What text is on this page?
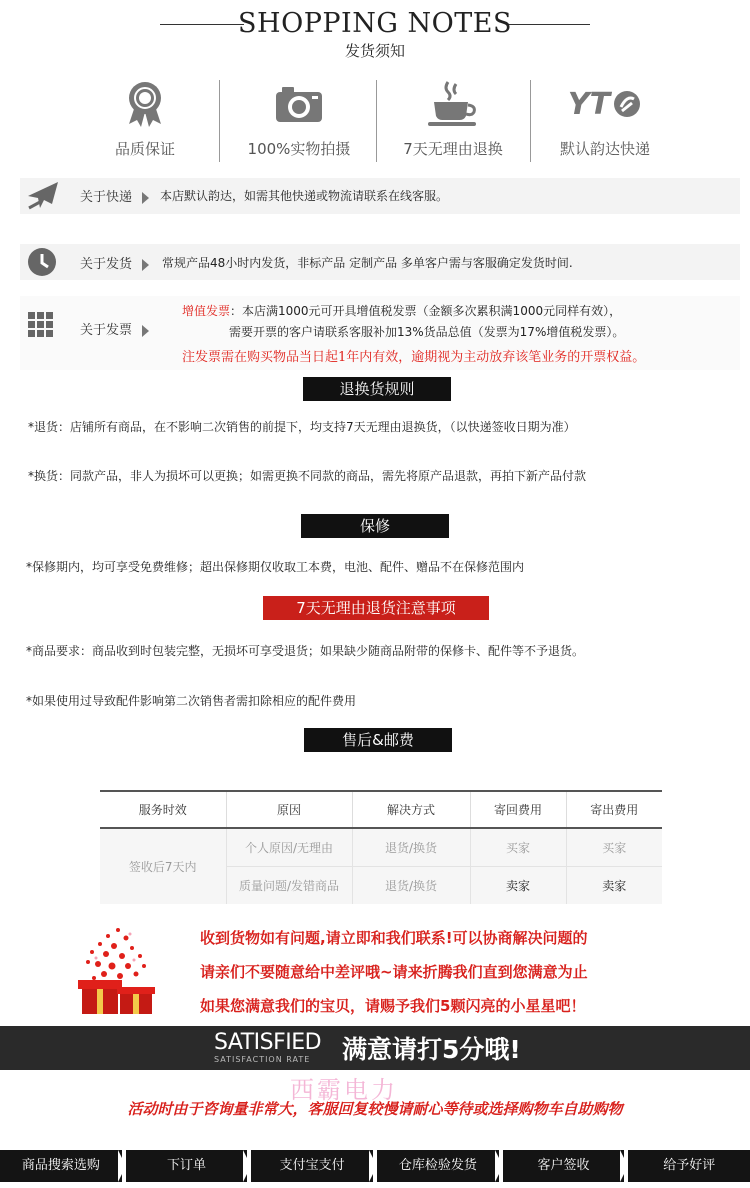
SHOPPING NOTES
发货须知
品质保证	100%实物拍摄	7天无理由退换
YT
默认韵达快递
关于快递	本店默认韵达，如需其他快递或物流请联系在线客服。
关于发货	常规产品48小时内发货，非标产品 定制产品 多单客户需与客服确定发货时间.
关于发票
增值发票：本店满1000元可开具增值税发票（金额多次累积满1000元同样有效），
需要开票的客户请联系客服补加13%货品总值（发票为17%增值税发票）。
注发票需在购买物品当日起1年内有效，逾期视为主动放弃该笔业务的开票权益。
退换货规则
*退货：店铺所有商品，在不影响二次销售的前提下，均支持7天无理由退换货，（以快递签收日期为准）
*换货：同款产品，非人为损坏可以更换；如需更换不同款的商品，需先将原产品退款，再拍下新产品付款
保修
*保修期内，均可享受免费维修；超出保修期仅收取工本费，电池、配件、赠品不在保修范围内
7天无理由退货注意事项
*商品要求：商品收到时包装完整，无损坏可享受退货；如果缺少随商品附带的保修卡、配件等不予退货。
*如果使用过导致配件影响第二次销售者需扣除相应的配件费用
售后&邮费
服务时效	原因	解决方式	寄回费用	寄出费用
签收后7天内	个人原因/无理由	退货/换货	买家	买家
	质量问题/发错商品	退货/换货	卖家	卖家
收到货物如有问题,请立即和我们联系!可以协商解决问题的
请亲们不要随意给中差评哦~请来折腾我们直到您满意为止
如果您满意我们的宝贝，请赐予我们5颗闪亮的小星星吧！
SATISFIED
SATISFACTION RATE 满意请打5分哦!
西霸电力
活动时由于咨询量非常大，客服回复较慢请耐心等待或选择购物车自助购物
商品搜索选购	下订单	支付宝支付	仓库检验发货	客户签收	给予好评
